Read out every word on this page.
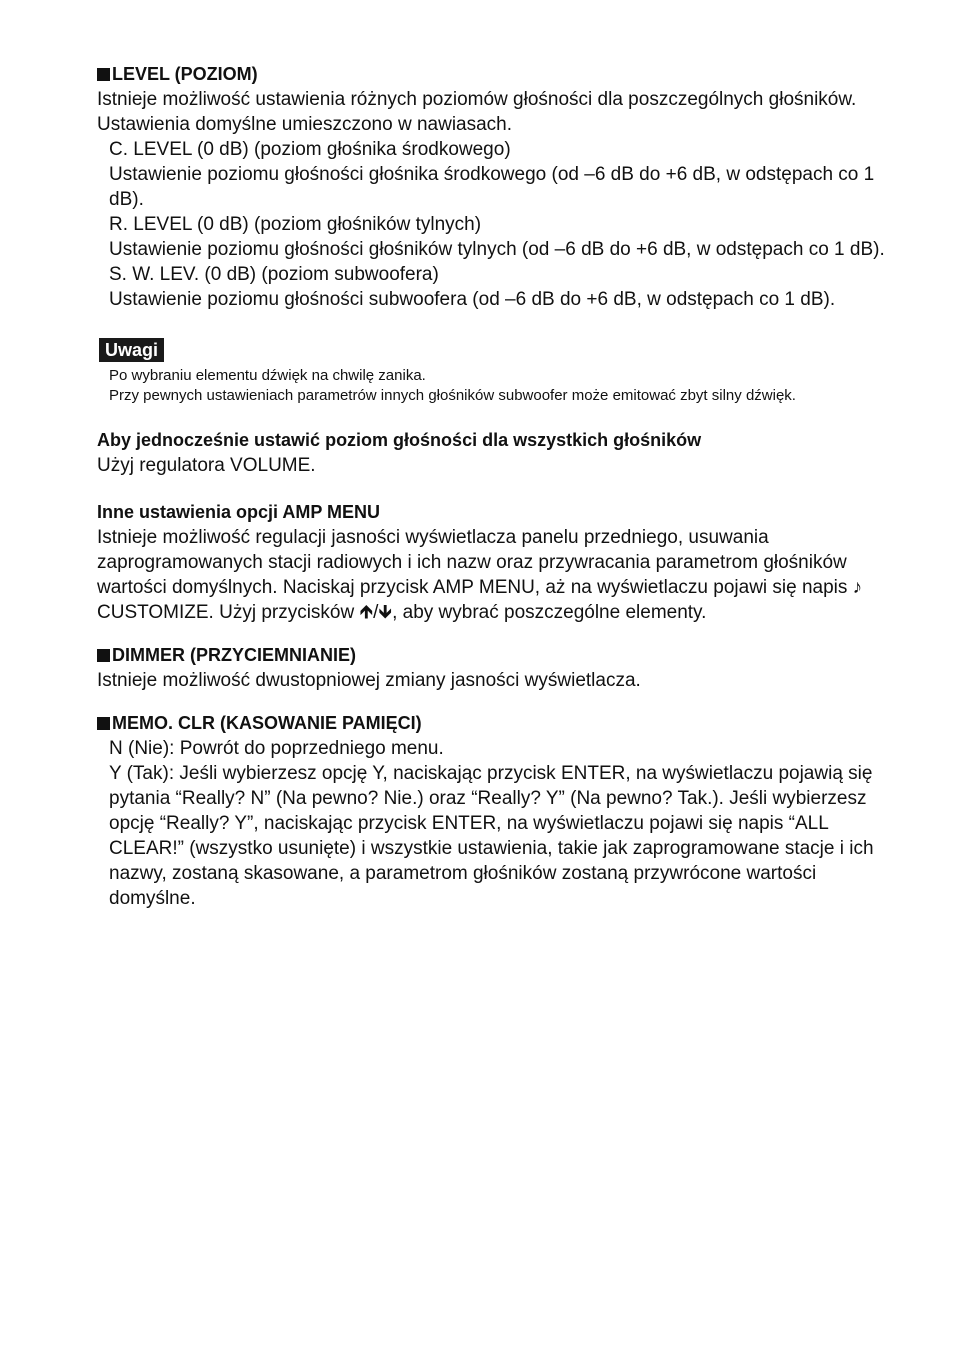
LEVEL (POZIOM)

Istnieje możliwość ustawienia różnych poziomów głośności dla poszczególnych głośników. Ustawienia domyślne umieszczono w nawiasach.

C. LEVEL (0 dB) (poziom głośnika środkowego)

Ustawienie poziomu głośności głośnika środkowego (od –6 dB do +6 dB, w odstępach co 1 dB).

R. LEVEL (0 dB) (poziom głośników tylnych)

Ustawienie poziomu głośności głośników tylnych (od –6 dB do +6 dB, w odstępach co 1 dB).

S. W. LEV. (0 dB) (poziom subwoofera)

Ustawienie poziomu głośności subwoofera (od –6 dB do +6 dB, w odstępach co 1 dB).

Uwagi

Po wybraniu elementu dźwięk na chwilę zanika.

Przy pewnych ustawieniach parametrów innych głośników subwoofer może emitować zbyt silny dźwięk.

Aby jednocześnie ustawić poziom głośności dla wszystkich głośników

Użyj regulatora VOLUME.

Inne ustawienia opcji AMP MENU

Istnieje możliwość regulacji jasności wyświetlacza panelu przedniego, usuwania zaprogramowanych stacji radiowych i ich nazw oraz przywracania parametrom głośników wartości domyślnych. Naciskaj przycisk AMP MENU, aż na wyświetlaczu pojawi się napis ♪ CUSTOMIZE. Użyj przycisków 🡹/🡻, aby wybrać poszczególne elementy.

DIMMER (PRZYCIEMNIANIE)

Istnieje możliwość dwustopniowej zmiany jasności wyświetlacza.

MEMO. CLR (KASOWANIE PAMIĘCI)

N (Nie): Powrót do poprzedniego menu.

Y (Tak): Jeśli wybierzesz opcję Y, naciskając przycisk ENTER, na wyświetlaczu pojawią się pytania “Really? N” (Na pewno? Nie.) oraz “Really? Y” (Na pewno? Tak.). Jeśli wybierzesz opcję “Really? Y”, naciskając przycisk ENTER, na wyświetlaczu pojawi się napis “ALL CLEAR!” (wszystko usunięte) i wszystkie ustawienia, takie jak zaprogramowane stacje i ich nazwy, zostaną skasowane, a parametrom głośników zostaną przywrócone wartości domyślne.
